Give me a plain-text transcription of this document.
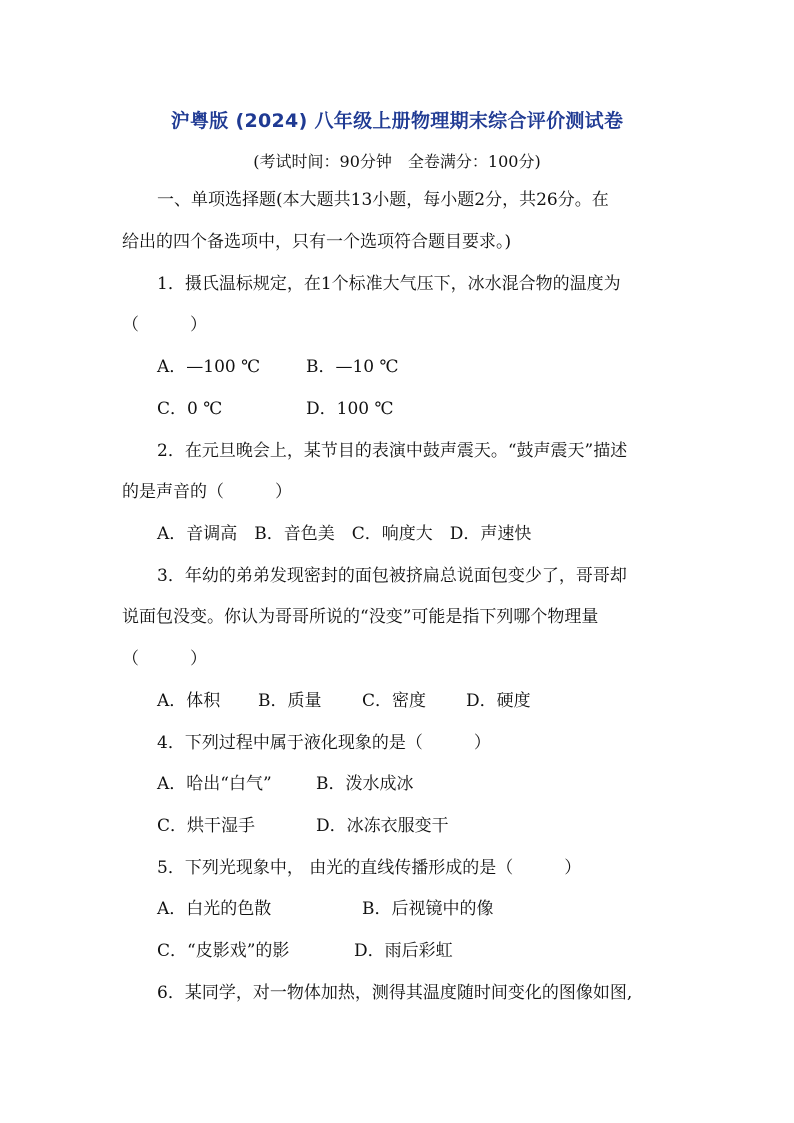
沪粤版 (2024) 八年级上册物理期末综合评价测试卷
(考试时间：90分钟　全卷满分：100分)
一、单项选择题(本大题共13小题，每小题2分，共26分。在
给出的四个备选项中，只有一个选项符合题目要求。)
1．摄氏温标规定，在1个标准大气压下，冰水混合物的温度为
（　　　）
A．—100 ℃	B．—10 ℃
C．0 ℃	D．100 ℃
2．在元旦晚会上，某节目的表演中鼓声震天。“鼓声震天”描述
的是声音的（　　　）
A．音调高　B．音色美　C．响度大　D．声速快
3．年幼的弟弟发现密封的面包被挤扁总说面包变少了，哥哥却
说面包没变。你认为哥哥所说的“没变”可能是指下列哪个物理量
（　　　）
A．体积 B．质量 C．密度 D．硬度
4．下列过程中属于液化现象的是（　　　）
A．哈出“白气”	B．泼水成冰
C．烘干湿手	D．冰冻衣服变干
5．下列光现象中， 由光的直线传播形成的是（　　　）
A．白光的色散	B．后视镜中的像
C．“皮影戏”的影	D．雨后彩虹
6．某同学，对一物体加热，测得其温度随时间变化的图像如图,
